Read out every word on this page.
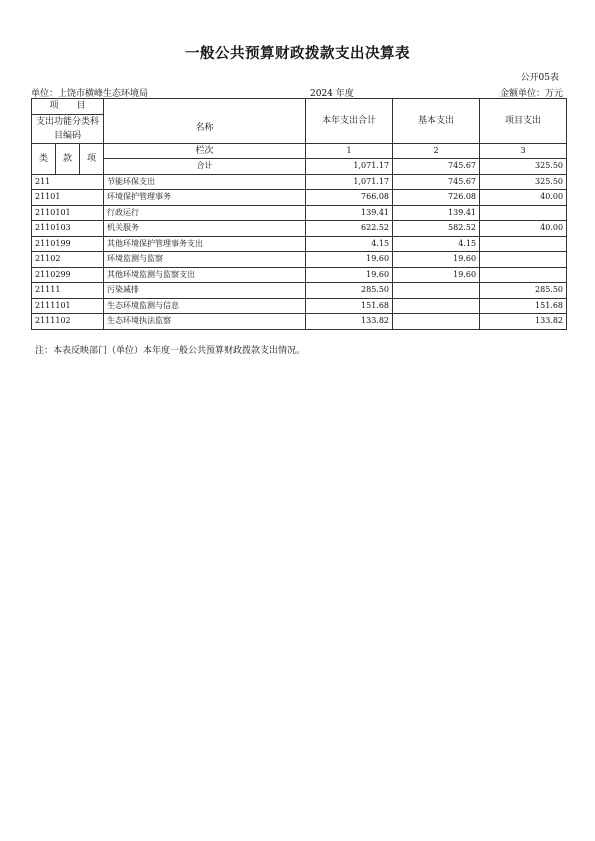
一般公共预算财政拨款支出决算表
公开05表
单位：上饶市横峰生态环境局	2024 年度	金额单位：万元
项　　目				本年支出合计	基本支出	项目支出
支出功能分类科目编码			名称			

类	款	项	栏次	1	2	3
			合计	1,071.17	745.67	325.50
211			节能环保支出	1,071.17	745.67	325.50
21101			环境保护管理事务	766.08	726.08	40.00
2110101			行政运行	139.41	139.41	
2110103			机关服务	622.52	582.52	40.00
2110199			其他环境保护管理事务支出	4.15	4.15	
21102			环境监测与监察	19.60	19.60	
2110299			其他环境监测与监察支出	19.60	19.60	
21111			污染减排	285.50		285.50
2111101			生态环境监测与信息	151.68		151.68
2111102			生态环境执法监察	133.82		133.82
注：本表反映部门（单位）本年度一般公共预算财政拨款支出情况。
